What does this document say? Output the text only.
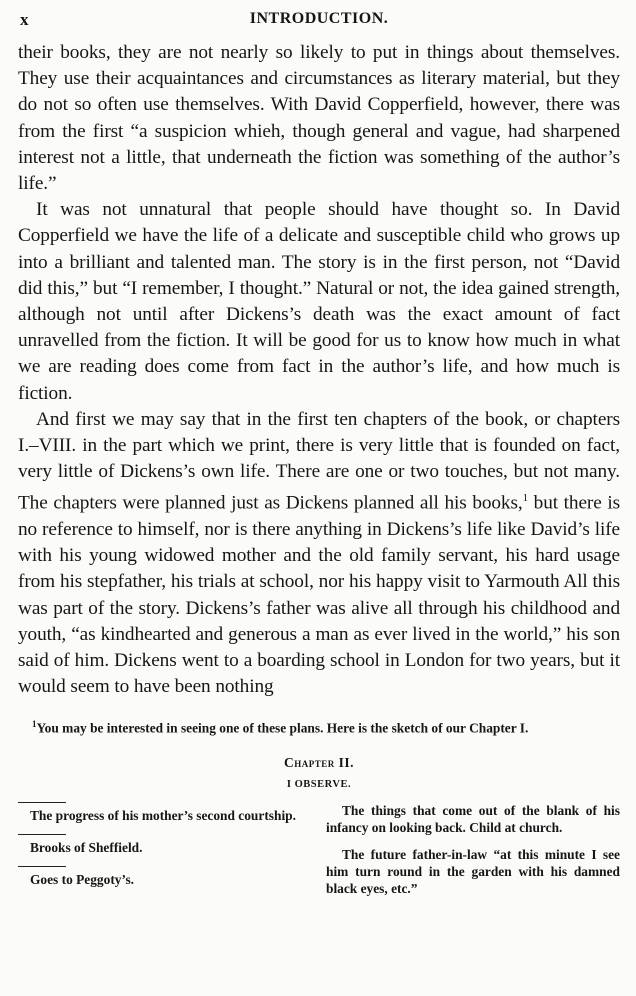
x	INTRODUCTION.

their books, they are not nearly so likely to put in things about themselves. They use their acquaintances and circumstances as literary material, but they do not so often use themselves. With David Copperfield, however, there was from the first “a suspicion whieh, though general and vague, had sharpened interest not a little, that underneath the fiction was something of the author’s life.”

It was not unnatural that people should have thought so. In David Copperfield we have the life of a delicate and susceptible child who grows up into a brilliant and talented man. The story is in the first person, not “David did this,” but “I remember, I thought.” Natural or not, the idea gained strength, although not until after Dickens’s death was the exact amount of fact unravelled from the fiction. It will be good for us to know how much in what we are reading does come from fact in the author’s life, and how much is fiction.

And first we may say that in the first ten chapters of the book, or chapters I.–VIII. in the part which we print, there is very little that is founded on fact, very little of Dickens’s own life. There are one or two touches, but not many. The chapters were planned just as Dickens planned all his books,$^1$ but there is no reference to himself, nor is there anything in Dickens’s life like David’s life with his young widowed mother and the old family servant, his hard usage from his stepfather, his trials at school, nor his happy visit to Yarmouth All this was part of the story. Dickens’s father was alive all through his childhood and youth, “as kindhearted and generous a man as ever lived in the world,” his son said of him. Dickens went to a boarding school in London for two years, but it would seem to have been nothing

$^1$You may be interested in seeing one of these plans. Here is the sketch of our Chapter I.
Chapter II.
I OBSERVE.
The progress of his mother’s second courtship.
Brooks of Sheffield.
Goes to Peggoty’s.
The things that come out of the blank of his infancy on looking back. Child at church.
The future father-in-law “at this minute I see him turn round in the garden with his damned black eyes, etc.”
